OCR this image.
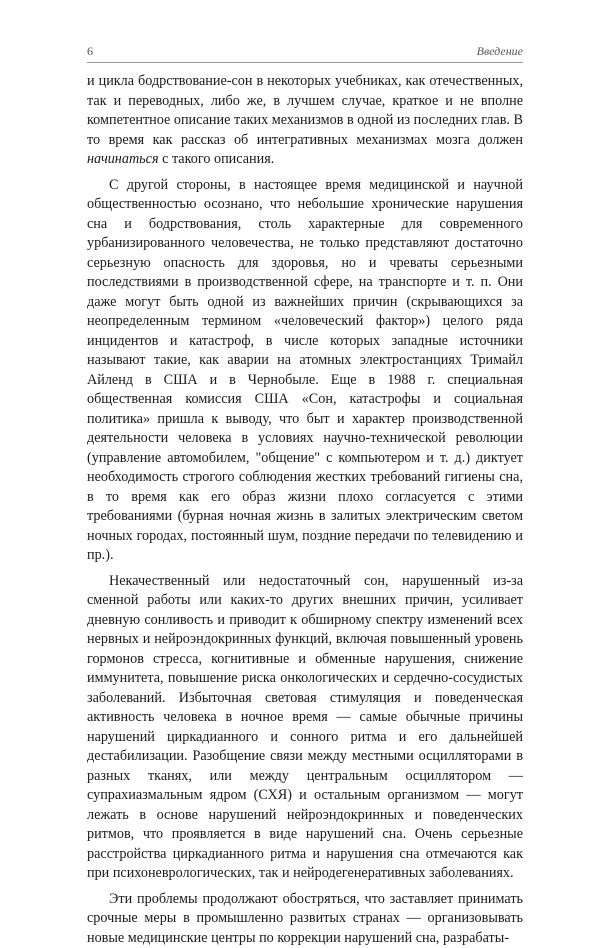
6	Введение

и цикла бодрствование-сон в некоторых учебниках, как отечественных, так и переводных, либо же, в лучшем случае, краткое и не вполне компетентное описание таких механизмов в одной из последних глав. В то время как рассказ об интегративных механизмах мозга должен начинаться с такого описания.

С другой стороны, в настоящее время медицинской и научной общественностью осознано, что небольшие хронические нарушения сна и бодрствования, столь характерные для современного урбанизированного человечества, не только представляют достаточно серьезную опасность для здоровья, но и чреваты серьезными последствиями в производственной сфере, на транспорте и т. п. Они даже могут быть одной из важнейших причин (скрывающихся за неопределенным термином «человеческий фактор») целого ряда инцидентов и катастроф, в числе которых западные источники называют такие, как аварии на атомных электростанциях Тримайл Айленд в США и в Чернобыле. Еще в 1988 г. специальная общественная комиссия США «Сон, катастрофы и социальная политика» пришла к выводу, что быт и характер производственной деятельности человека в условиях научно-технической революции (управление автомобилем, "общение" с компьютером и т. д.) диктует необходимость строгого соблюдения жестких требований гигиены сна, в то время как его образ жизни плохо согласуется с этими требованиями (бурная ночная жизнь в залитых электрическим светом ночных городах, постоянный шум, поздние передачи по телевидению и пр.).

Некачественный или недостаточный сон, нарушенный из-за сменной работы или каких-то других внешних причин, усиливает дневную сонливость и приводит к обширному спектру изменений всех нервных и нейроэндокринных функций, включая повышенный уровень гормонов стресса, когнитивные и обменные нарушения, снижение иммунитета, повышение риска онкологических и сердечно-сосудистых заболеваний. Избыточная световая стимуляция и поведенческая активность человека в ночное время — самые обычные причины нарушений циркадианного и сонного ритма и его дальнейшей дестабилизации. Разобщение связи между местными осцилляторами в разных тканях, или между центральным осциллятором — супрахиазмальным ядром (СХЯ) и остальным организмом — могут лежать в основе нарушений нейроэндокринных и поведенческих ритмов, что проявляется в виде нарушений сна. Очень серьезные расстройства циркадианного ритма и нарушения сна отмечаются как при психоневрологических, так и нейродегенеративных заболеваниях.

Эти проблемы продолжают обостряться, что заставляет принимать срочные меры в промышленно развитых странах — организовывать новые медицинские центры по коррекции нарушений сна, разрабаты-
